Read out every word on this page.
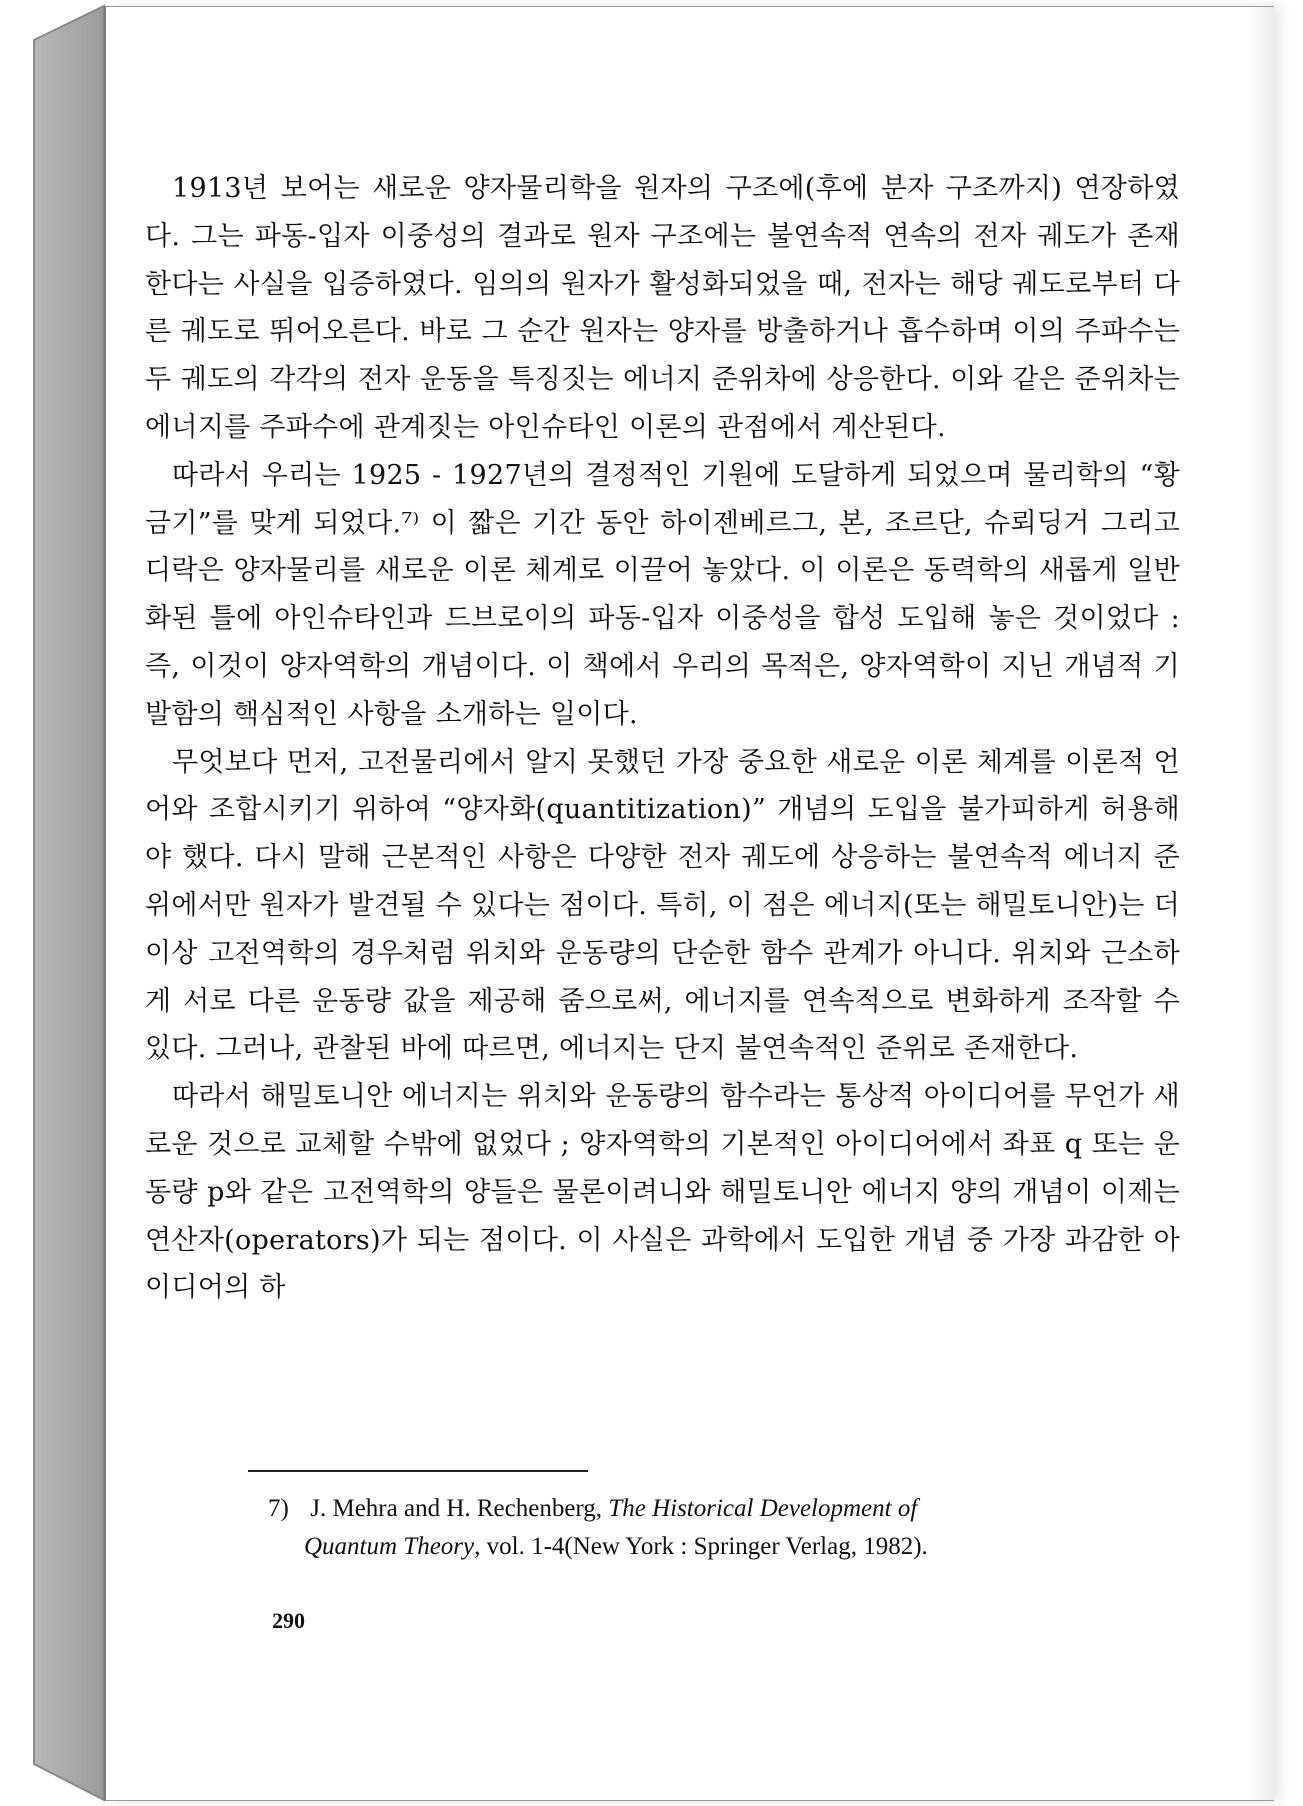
1913년 보어는 새로운 양자물리학을 원자의 구조에(후에 분자 구조까지) 연장하였다. 그는 파동-입자 이중성의 결과로 원자 구조에는 불연속적 연속의 전자 궤도가 존재한다는 사실을 입증하였다. 임의의 원자가 활성화되었을 때, 전자는 해당 궤도로부터 다른 궤도로 뛰어오른다. 바로 그 순간 원자는 양자를 방출하거나 흡수하며 이의 주파수는 두 궤도의 각각의 전자 운동을 특징짓는 에너지 준위차에 상응한다. 이와 같은 준위차는 에너지를 주파수에 관계짓는 아인슈타인 이론의 관점에서 계산된다.

따라서 우리는 1925 - 1927년의 결정적인 기원에 도달하게 되었으며 물리학의 “황금기”를 맞게 되었다.⁷⁾ 이 짧은 기간 동안 하이젠베르그, 본, 조르단, 슈뢰딩거 그리고 디락은 양자물리를 새로운 이론 체계로 이끌어 놓았다. 이 이론은 동력학의 새롭게 일반화된 틀에 아인슈타인과 드브로이의 파동-입자 이중성을 합성 도입해 놓은 것이었다 : 즉, 이것이 양자역학의 개념이다. 이 책에서 우리의 목적은, 양자역학이 지닌 개념적 기발함의 핵심적인 사항을 소개하는 일이다.

무엇보다 먼저, 고전물리에서 알지 못했던 가장 중요한 새로운 이론 체계를 이론적 언어와 조합시키기 위하여 “양자화(quantitization)” 개념의 도입을 불가피하게 허용해야 했다. 다시 말해 근본적인 사항은 다양한 전자 궤도에 상응하는 불연속적 에너지 준위에서만 원자가 발견될 수 있다는 점이다. 특히, 이 점은 에너지(또는 해밀토니안)는 더이상 고전역학의 경우처럼 위치와 운동량의 단순한 함수 관계가 아니다. 위치와 근소하게 서로 다른 운동량 값을 제공해 줌으로써, 에너지를 연속적으로 변화하게 조작할 수 있다. 그러나, 관찰된 바에 따르면, 에너지는 단지 불연속적인 준위로 존재한다.

따라서 해밀토니안 에너지는 위치와 운동량의 함수라는 통상적 아이디어를 무언가 새로운 것으로 교체할 수밖에 없었다 ; 양자역학의 기본적인 아이디어에서 좌표 q 또는 운동량 p와 같은 고전역학의 양들은 물론이려니와 해밀토니안 에너지 양의 개념이 이제는 연산자(operators)가 되는 점이다. 이 사실은 과학에서 도입한 개념 중 가장 과감한 아이디어의 하

7) J. Mehra and H. Rechenberg, The Historical Development of
Quantum Theory, vol. 1-4(New York : Springer Verlag, 1982).
290
